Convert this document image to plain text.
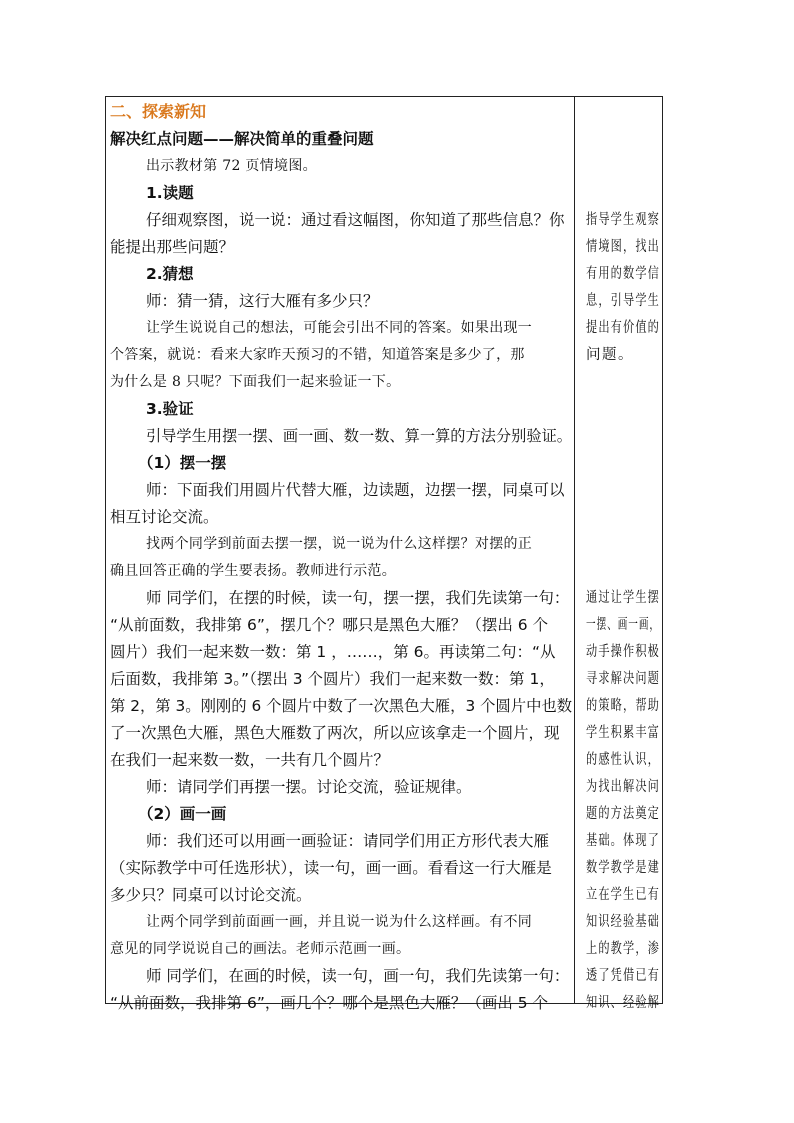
二、探索新知
解决红点问题——解决简单的重叠问题
出示教材第 72 页情境图。
1.读题
仔细观察图，说一说：通过看这幅图，你知道了那些信息？你
能提出那些问题？
2.猜想
师：猜一猜，这行大雁有多少只？
让学生说说自己的想法，可能会引出不同的答案。如果出现一
个答案，就说：看来大家昨天预习的不错，知道答案是多少了，那
为什么是 8 只呢？下面我们一起来验证一下。
3.验证
引导学生用摆一摆、画一画、数一数、算一算的方法分别验证。
（1）摆一摆
师：下面我们用圆片代替大雁，边读题，边摆一摆，同桌可以
相互讨论交流。
找两个同学到前面去摆一摆，说一说为什么这样摆？对摆的正
确且回答正确的学生要表扬。教师进行示范。
师 同学们，在摆的时候，读一句，摆一摆，我们先读第一句：
“从前面数，我排第 6”，摆几个？哪只是黑色大雁？（摆出 6 个
圆片）我们一起来数一数：第 1 ，……，第 6。再读第二句：“从
后面数，我排第 3。”（摆出 3 个圆片）我们一起来数一数：第 1，
第 2，第 3。刚刚的 6 个圆片中数了一次黑色大雁，3 个圆片中也数
了一次黑色大雁，黑色大雁数了两次，所以应该拿走一个圆片，现
在我们一起来数一数，一共有几个圆片？
师：请同学们再摆一摆。讨论交流，验证规律。
（2）画一画
师：我们还可以用画一画验证：请同学们用正方形代表大雁
（实际教学中可任选形状），读一句，画一画。看看这一行大雁是
多少只？同桌可以讨论交流。
让两个同学到前面画一画，并且说一说为什么这样画。有不同
意见的同学说说自己的画法。老师示范画一画。
师 同学们，在画的时候，读一句，画一句，我们先读第一句：
“从前面数，我排第 6”，画几个？哪个是黑色大雁？（画出 5 个
指导学生观察
情境图，找出
有用的数学信
息，引导学生
提出有价值的
问题。
通过让学生摆
一摆、画一画，
动手操作积极
寻求解决问题
的策略，帮助
学生积累丰富
的感性认识，
为找出解决问
题的方法奠定
基础。体现了
数学教学是建
立在学生已有
知识经验基础
上的教学，渗
透了凭借已有
知识、经验解
